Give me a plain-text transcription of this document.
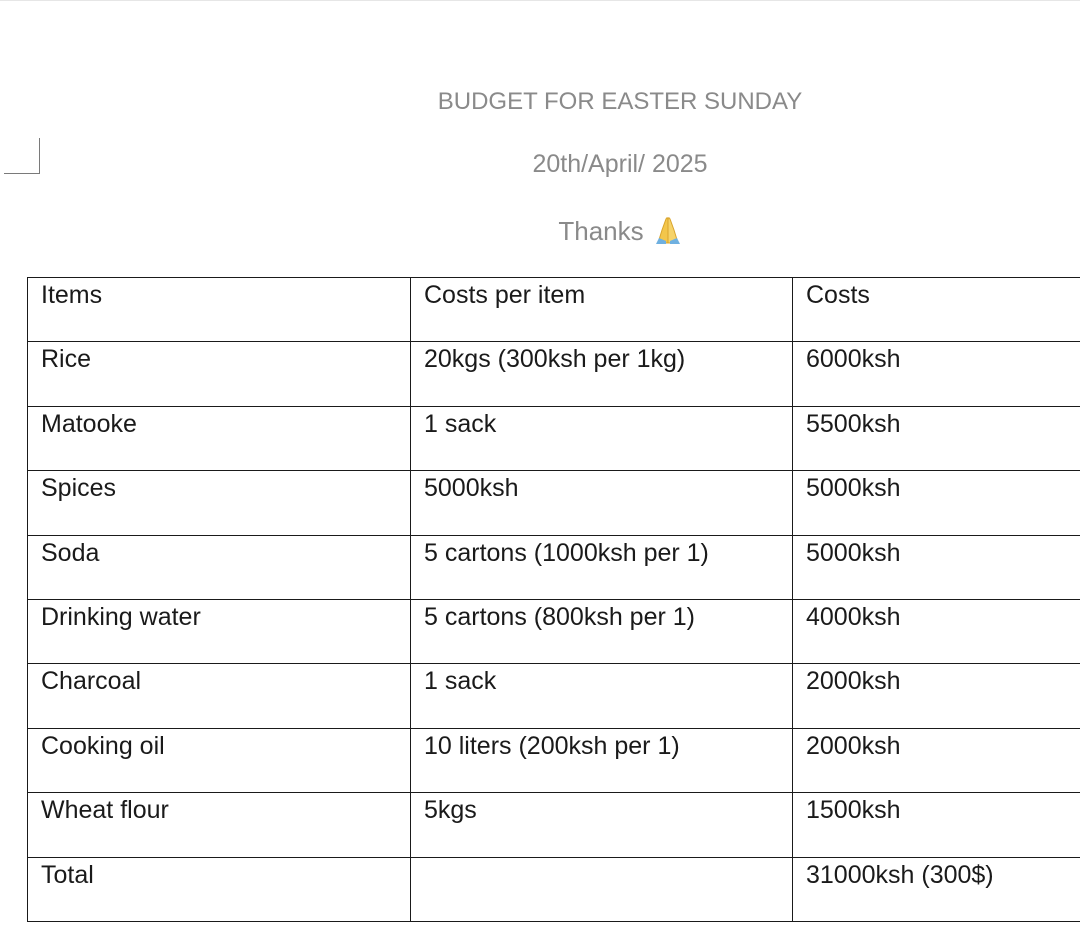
BUDGET FOR EASTER SUNDAY
20th/April/ 2025
Thanks
Items	Costs per item	Costs
Rice	20kgs (300ksh per 1kg)	6000ksh
Matooke	1 sack	5500ksh
Spices	5000ksh	5000ksh
Soda	5 cartons (1000ksh per 1)	5000ksh
Drinking water	5 cartons (800ksh per 1)	4000ksh
Charcoal	1 sack	2000ksh
Cooking oil	10 liters (200ksh per 1)	2000ksh
Wheat flour	5kgs	1500ksh
Total		31000ksh (300$)
